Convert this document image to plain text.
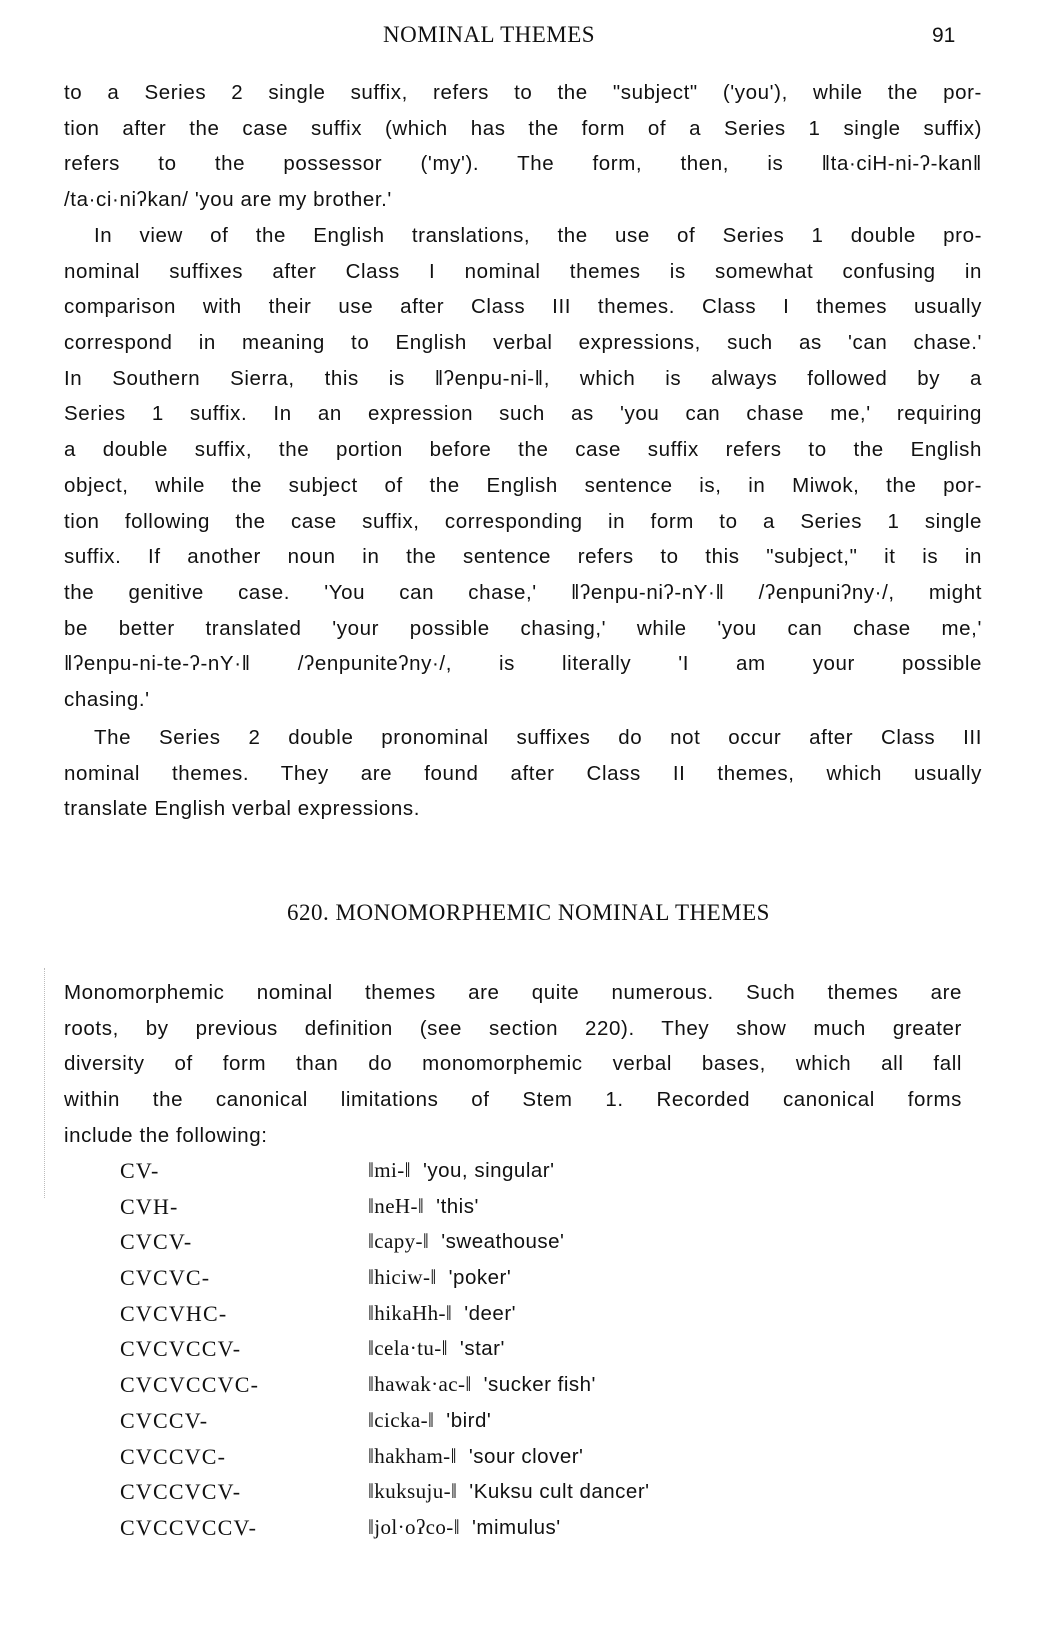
NOMINAL THEMES	91
to a Series 2 single suffix, refers to the "subject" ('you'), while the por-
tion after the case suffix (which has the form of a Series 1 single suffix)
refers to the possessor ('my'). The form, then, is ‖ta·ciH-ni-ʔ-kan‖
/ta·ci·niʔkan/ 'you are my brother.'
In view of the English translations, the use of Series 1 double pro-
nominal suffixes after Class I nominal themes is somewhat confusing in
comparison with their use after Class III themes. Class I themes usually
correspond in meaning to English verbal expressions, such as 'can chase.'
In Southern Sierra, this is ‖ʔenpu-ni-‖, which is always followed by a
Series 1 suffix. In an expression such as 'you can chase me,' requiring
a double suffix, the portion before the case suffix refers to the English
object, while the subject of the English sentence is, in Miwok, the por-
tion following the case suffix, corresponding in form to a Series 1 single
suffix. If another noun in the sentence refers to this "subject," it is in
the genitive case. 'You can chase,' ‖ʔenpu-niʔ-nY·‖ /ʔenpuniʔny·/, might
be better translated 'your possible chasing,' while 'you can chase me,'
‖ʔenpu-ni-te-ʔ-nY·‖ /ʔenpuniteʔny·/, is literally 'I am your possible
chasing.'
The Series 2 double pronominal suffixes do not occur after Class III
nominal themes. They are found after Class II themes, which usually
translate English verbal expressions.
620. MONOMORPHEMIC NOMINAL THEMES
Monomorphemic nominal themes are quite numerous. Such themes are
roots, by previous definition (see section 220). They show much greater
diversity of form than do monomorphemic verbal bases, which all fall
within the canonical limitations of Stem 1. Recorded canonical forms
include the following:
CV-	‖mi-‖ 'you, singular'
CVH-	‖neH-‖ 'this'
CVCV-	‖capy-‖ 'sweathouse'
CVCVC-	‖hiciw-‖ 'poker'
CVCVHC-	‖hikaHh-‖ 'deer'
CVCVCCV-	‖cela·tu-‖ 'star'
CVCVCCVC-	‖hawak·ac-‖ 'sucker fish'
CVCCV-	‖cicka-‖ 'bird'
CVCCVC-	‖hakham-‖ 'sour clover'
CVCCVCV-	‖kuksuju-‖ 'Kuksu cult dancer'
CVCCVCCV-	‖jol·oʔco-‖ 'mimulus'
